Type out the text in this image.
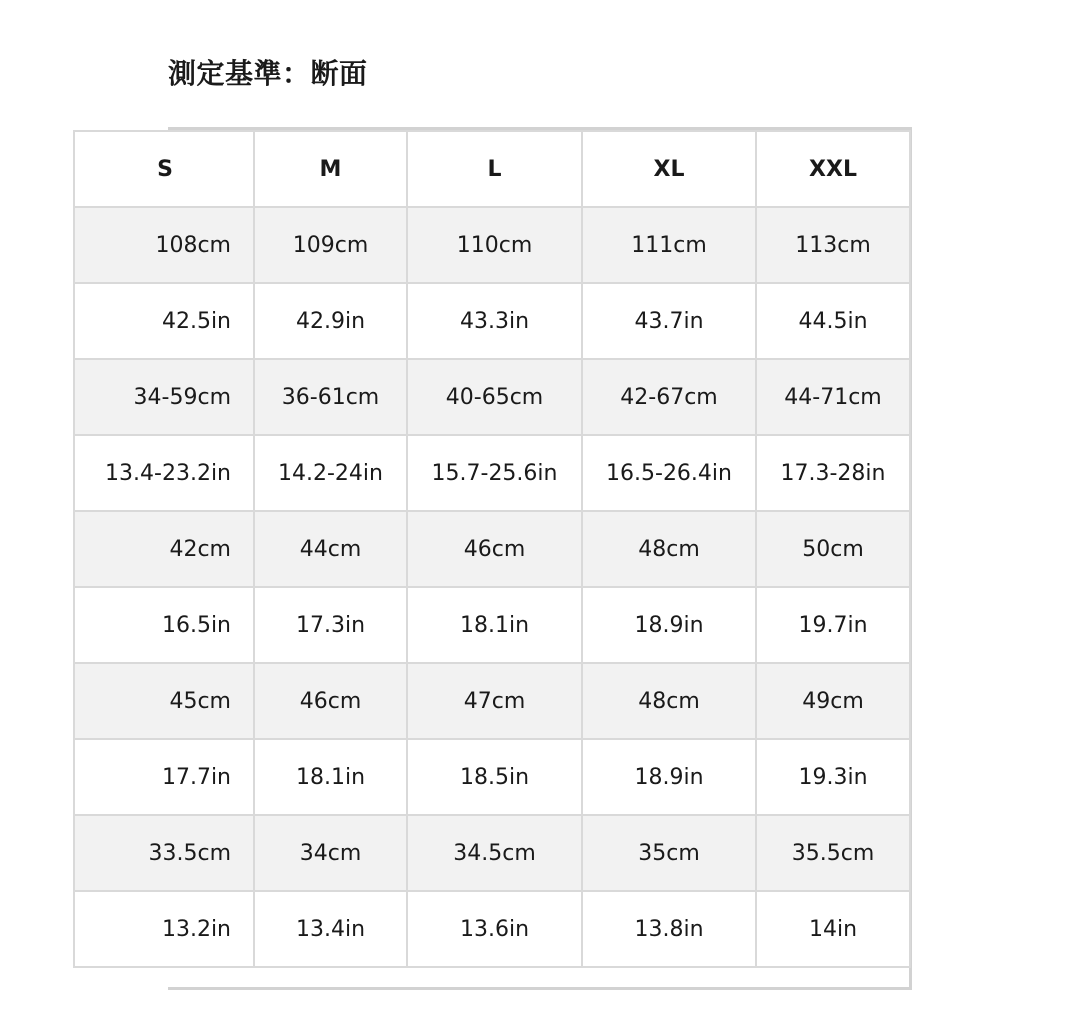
測定基準：断面
S	M	L	XL	XXL
108cm	109cm	110cm	111cm	113cm
42.5in	42.9in	43.3in	43.7in	44.5in
34-59cm	36-61cm	40-65cm	42-67cm	44-71cm
13.4-23.2in	14.2-24in	15.7-25.6in	16.5-26.4in	17.3-28in
42cm	44cm	46cm	48cm	50cm
16.5in	17.3in	18.1in	18.9in	19.7in
45cm	46cm	47cm	48cm	49cm
17.7in	18.1in	18.5in	18.9in	19.3in
33.5cm	34cm	34.5cm	35cm	35.5cm
13.2in	13.4in	13.6in	13.8in	14in
